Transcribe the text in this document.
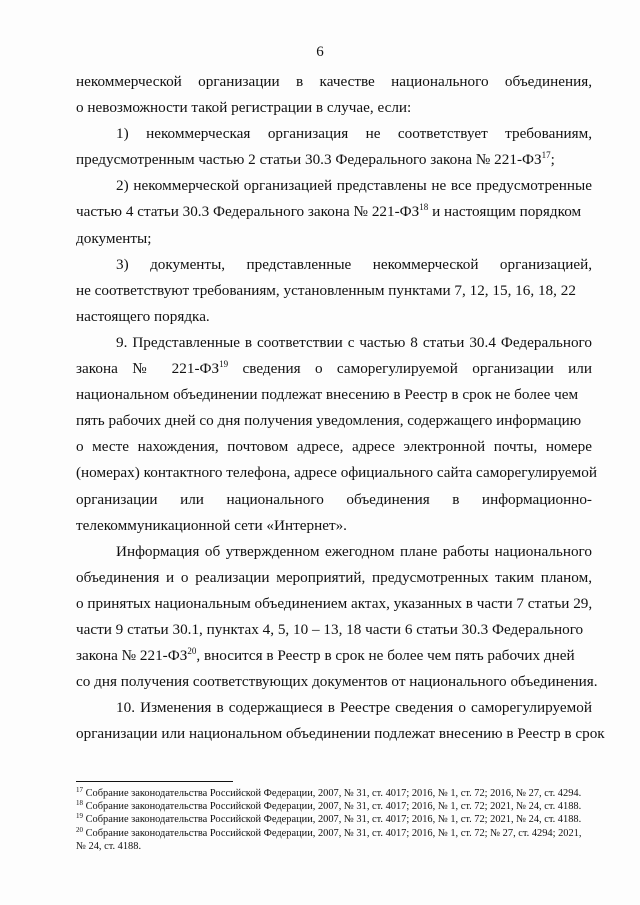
6
некоммерческой организации в качестве национального объединения,
о невозможности такой регистрации в случае, если:
1) некоммерческая организация не соответствует требованиям,
предусмотренным частью 2 статьи 30.3 Федерального закона № 221-ФЗ$^{17}$;
2) некоммерческой организацией представлены не все предусмотренные
частью 4 статьи 30.3 Федерального закона № 221-ФЗ$^{18}$ и настоящим порядком
документы;
3) документы, представленные некоммерческой организацией,
не соответствуют требованиям, установленным пунктами 7, 12, 15, 16, 18, 22
настоящего порядка.
9. Представленные в соответствии с частью 8 статьи 30.4 Федерального
закона № 221-ФЗ$^{19}$ сведения о саморегулируемой организации или
национальном объединении подлежат внесению в Реестр в срок не более чем
пять рабочих дней со дня получения уведомления, содержащего информацию
о месте нахождения, почтовом адресе, адресе электронной почты, номере
(номерах) контактного телефона, адресе официального сайта саморегулируемой
организации или национального объединения в информационно-
телекоммуникационной сети «Интернет».
Информация об утвержденном ежегодном плане работы национального
объединения и о реализации мероприятий, предусмотренных таким планом,
о принятых национальным объединением актах, указанных в части 7 статьи 29,
части 9 статьи 30.1, пунктах 4, 5, 10 – 13, 18 части 6 статьи 30.3 Федерального
закона № 221-ФЗ$^{20}$, вносится в Реестр в срок не более чем пять рабочих дней
со дня получения соответствующих документов от национального объединения.
10. Изменения в содержащиеся в Реестре сведения о саморегулируемой
организации или национальном объединении подлежат внесению в Реестр в срок
$^{17}$ Собрание законодательства Российской Федерации, 2007, № 31, ст. 4017; 2016, № 1, ст. 72; 2016, № 27, ст. 4294.
$^{18}$ Собрание законодательства Российской Федерации, 2007, № 31, ст. 4017; 2016, № 1, ст. 72; 2021, № 24, ст. 4188.
$^{19}$ Собрание законодательства Российской Федерации, 2007, № 31, ст. 4017; 2016, № 1, ст. 72; 2021, № 24, ст. 4188.
$^{20}$ Собрание законодательства Российской Федерации, 2007, № 31, ст. 4017; 2016, № 1, ст. 72; № 27, ст. 4294; 2021,
№ 24, ст. 4188.
